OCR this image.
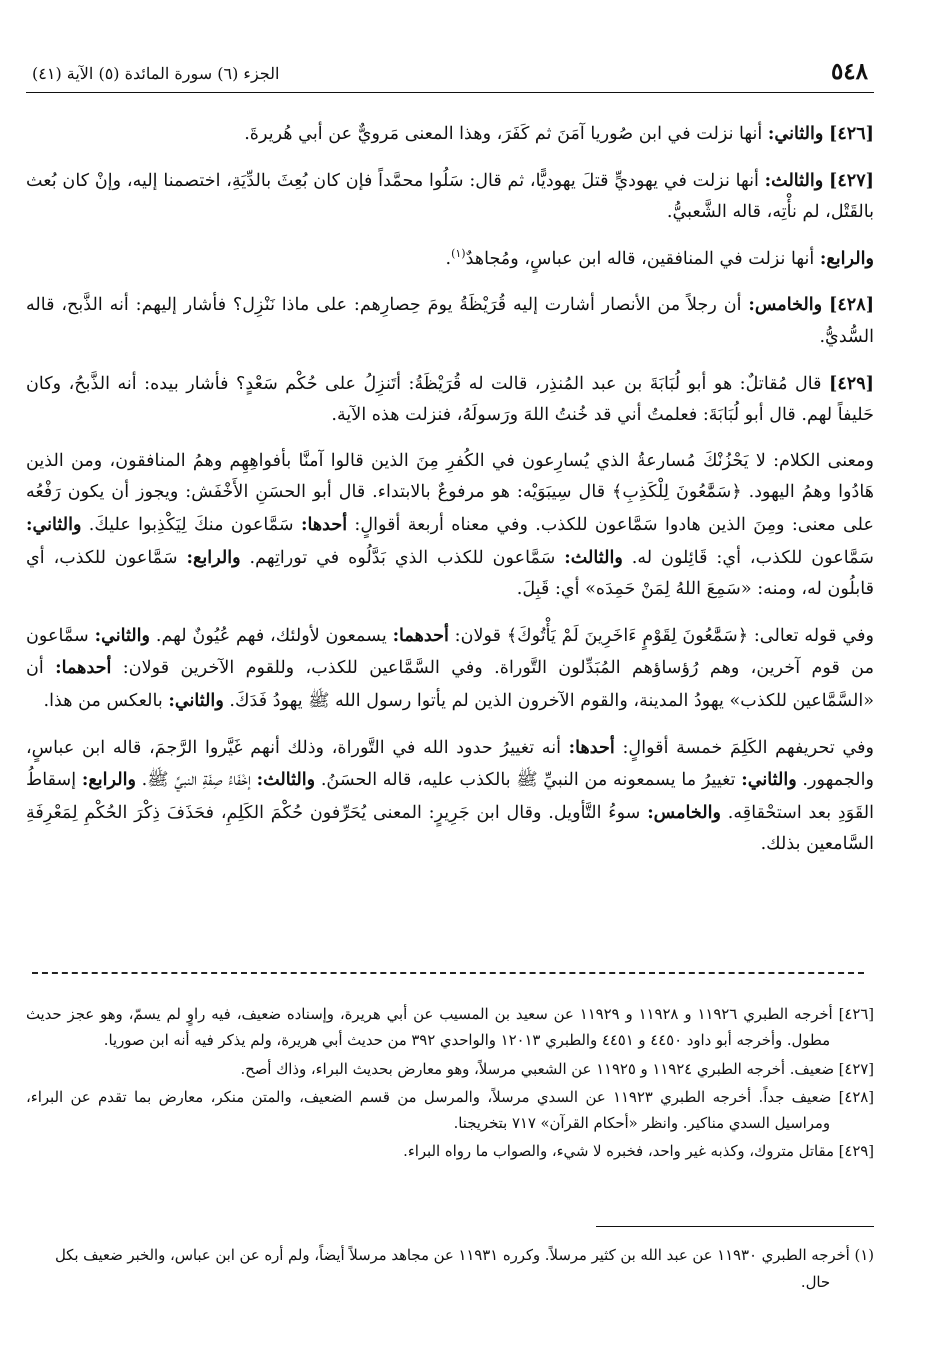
٥٤٨
الجزء (٦) سورة المائدة (٥) الآية (٤١)

[٤٢٦] والثاني: أنها نزلت في ابن صُوريا آمَنَ ثم كَفَرَ، وهذا المعنى مَرويٌّ عن أبي هُريرةَ.

[٤٢٧] والثالث: أنها نزلت في يهوديٍّ قتلَ يهوديًّا، ثم قال: سَلُوا محمَّداً فإن كان بُعِثَ بالدِّيَةِ، اختصمنا إليه، وإنْ كان بُعث بالقَتْل، لم نأْتِه، قاله الشَّعبيُّ.

والرابع: أنها نزلت في المنافقين، قاله ابن عباسٍ، ومُجاهدٌ$^{(١)}$.

[٤٢٨] والخامس: أن رجلاً من الأنصار أشارت إليه قُرَيْظَةُ يومَ حِصارِهم: على ماذا نَنْزِل؟ فأشار إليهم: أنه الذَّبح، قاله السُّديُّ.

[٤٢٩] قال مُقاتلٌ: هو أبو لُبَابَةَ بن عبد المُنذِر، قالت له قُرَيْظَةُ: أتَنزِلُ على حُكْم سَعْدٍ؟ فأشار بيده: أنه الذَّبحُ، وكان حَليفاً لهم. قال أبو لُبَابَةَ: فعلمتُ أني قد خُنتُ اللهَ ورَسولَهُ، فنزلت هذه الآية.

ومعنى الكلام: لا يَحْزُنْكَ مُسارعةُ الذي يُسارِعون في الكُفرِ مِنَ الذين قالوا آمنَّا بأفواهِهِم وهمُ المنافقون، ومن الذين هَادُوا وهمُ اليهود. ﴿سَمَّٰعُونَ لِلْكَذِبِ﴾ قال سِيبَوَيْه: هو مرفوعٌ بالابتداء. قال أبو الحسَنِ الأَخْفَش: ويجوز أن يكون رَفْعُه على معنى: ومِنَ الذين هادوا سَمَّاعون للكذب. وفي معناه أربعة أقوالٍ: أحدها: سَمَّاعون منكَ لِيَكْذِبوا عليكَ. والثاني: سَمَّاعون للكذب، أي: قَائِلون له. والثالث: سَمَّاعون للكذب الذي بَدَّلُوه في توراتِهم. والرابع: سَمَّاعون للكذب، أي قابلُون له، ومنه: «سَمِعَ اللهُ لِمَنْ حَمِدَه» أي: قَبِلَ.

وفي قوله تعالى: ﴿سَمَّٰعُونَ لِقَوْمٍ ءَاخَرِينَ لَمْ يَأْتُوكَ﴾ قولان: أحدهما: يسمعون لأولئك، فهم عُيُونٌ لهم. والثاني: سمَّاعون من قوم آخرين، وهم رُؤساؤهم المُبَدِّلون التَّوراة. وفي السَّمَّاعين للكذب، وللقوم الآخرين قولان: أحدهما: أن «السَّمَّاعين للكذب» يهودُ المدينة، والقوم الآخرون الذين لم يأتوا رسول الله ﷺ يهودُ فَدَكَ. والثاني: بالعكس من هذا.

وفي تحريفهم الكَلِمَ خمسة أقوالٍ: أحدها: أنه تغييرُ حدود الله في التَّوراة، وذلك أنهم غَيَّروا الرَّجمَ، قاله ابن عباسٍ، والجمهور. والثاني: تغييرُ ما يسمعونه من النبيِّ ﷺ بالكذب عليه، قاله الحسَنُ. والثالث: إخْفَاءُ صِفَةِ النبيِّ ﷺ. والرابع: إسقاطُ القَوَدِ بعد استحْقاقِه. والخامس: سوءُ التَّأويل. وقال ابن جَرِيرٍ: المعنى يُحَرِّفون حُكْمَ الكَلِمِ، فحَذَفَ ذِكْرَ الحُكْمِ لِمَعْرِفَةِ السَّامعين بذلك.

[٤٢٦] أخرجه الطبري ١١٩٢٦ و ١١٩٢٨ و ١١٩٢٩ عن سعيد بن المسيب عن أبي هريرة، وإسناده ضعيف، فيه راوٍ لم يسمّ، وهو عجز حديث مطول. وأخرجه أبو داود ٤٤٥٠ و ٤٤٥١ والطبري ١٢٠١٣ والواحدي ٣٩٢ من حديث أبي هريرة، ولم يذكر فيه أنه ابن صوريا.

[٤٢٧] ضعيف. أخرجه الطبري ١١٩٢٤ و ١١٩٢٥ عن الشعبي مرسلاً، وهو معارض بحديث البراء، وذاك أصح.

[٤٢٨] ضعيف جداً. أخرجه الطبري ١١٩٢٣ عن السدي مرسلاً، والمرسل من قسم الضعيف، والمتن منكر، معارض بما تقدم عن البراء، ومراسيل السدي مناكير. وانظر «أحكام القرآن» ٧١٧ بتخريجنا.

[٤٢٩] مقاتل متروك، وكذبه غير واحد، فخبره لا شيء، والصواب ما رواه البراء.

(١) أخرجه الطبري ١١٩٣٠ عن عبد الله بن كثير مرسلاً. وكرره ١١٩٣١ عن مجاهد مرسلاً أيضاً، ولم أره عن ابن عباس، والخبر ضعيف بكل حال.
